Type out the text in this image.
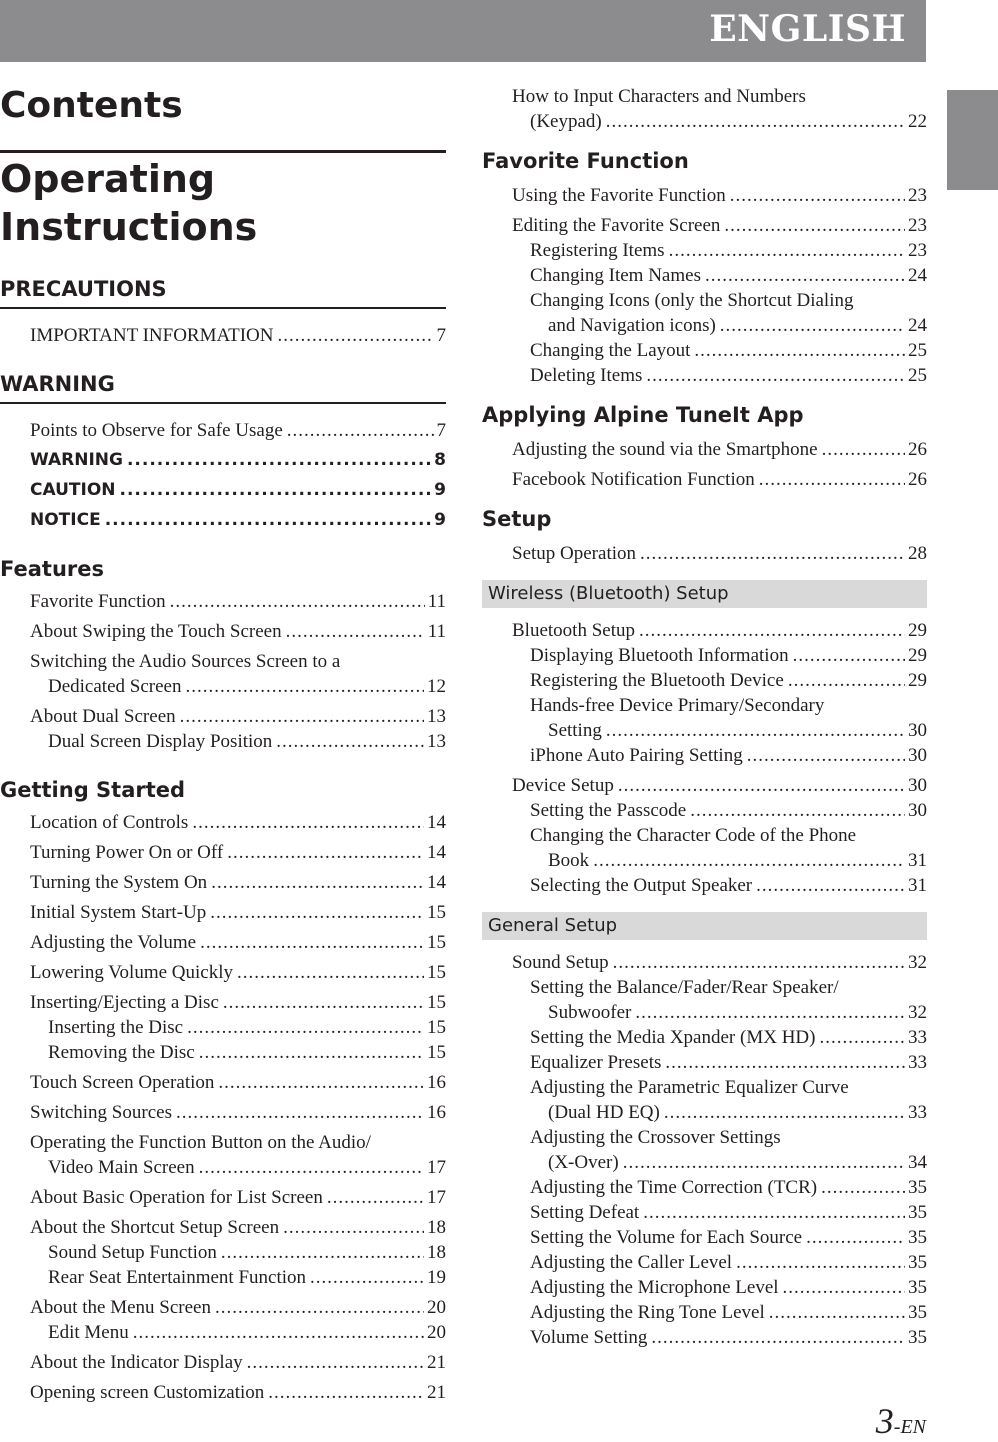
ENGLISH
Contents
Operating Instructions
PRECAUTIONS
IMPORTANT INFORMATION .....	7
WARNING
Points to Observe for Safe Usage .....	7
WARNING .....	8
CAUTION .....	9
NOTICE .....	9
Features
Favorite Function .....	11
About Swiping the Touch Screen .....	11
Switching the Audio Sources Screen to a
Dedicated Screen .....	12
About Dual Screen .....	13
Dual Screen Display Position .....	13
Getting Started
Location of Controls .....	14
Turning Power On or Off .....	14
Turning the System On .....	14
Initial System Start-Up .....	15
Adjusting the Volume .....	15
Lowering Volume Quickly .....	15
Inserting/Ejecting a Disc .....	15
Inserting the Disc .....	15
Removing the Disc .....	15
Touch Screen Operation .....	16
Switching Sources .....	16
Operating the Function Button on the Audio/
Video Main Screen .....	17
About Basic Operation for List Screen .....	17
About the Shortcut Setup Screen .....	18
Sound Setup Function .....	18
Rear Seat Entertainment Function .....	19
About the Menu Screen .....	20
Edit Menu .....	20
About the Indicator Display .....	21
Opening screen Customization .....	21
How to Input Characters and Numbers
(Keypad) .....	22
Favorite Function
Using the Favorite Function .....	23
Editing the Favorite Screen .....	23
Registering Items .....	23
Changing Item Names .....	24
Changing Icons (only the Shortcut Dialing
and Navigation icons) .....	24
Changing the Layout .....	25
Deleting Items .....	25
Applying Alpine TuneIt App
Adjusting the sound via the Smartphone .....	26
Facebook Notification Function .....	26
Setup
Setup Operation .....	28
Wireless (Bluetooth) Setup
Bluetooth Setup .....	29
Displaying Bluetooth Information .....	29
Registering the Bluetooth Device .....	29
Hands-free Device Primary/Secondary
Setting .....	30
iPhone Auto Pairing Setting .....	30
Device Setup .....	30
Setting the Passcode .....	30
Changing the Character Code of the Phone
Book .....	31
Selecting the Output Speaker .....	31
General Setup
Sound Setup .....	32
Setting the Balance/Fader/Rear Speaker/
Subwoofer .....	32
Setting the Media Xpander (MX HD) .....	33
Equalizer Presets .....	33
Adjusting the Parametric Equalizer Curve
(Dual HD EQ) .....	33
Adjusting the Crossover Settings
(X-Over) .....	34
Adjusting the Time Correction (TCR) .....	35
Setting Defeat .....	35
Setting the Volume for Each Source .....	35
Adjusting the Caller Level .....	35
Adjusting the Microphone Level .....	35
Adjusting the Ring Tone Level .....	35
Volume Setting .....	35
3-EN
